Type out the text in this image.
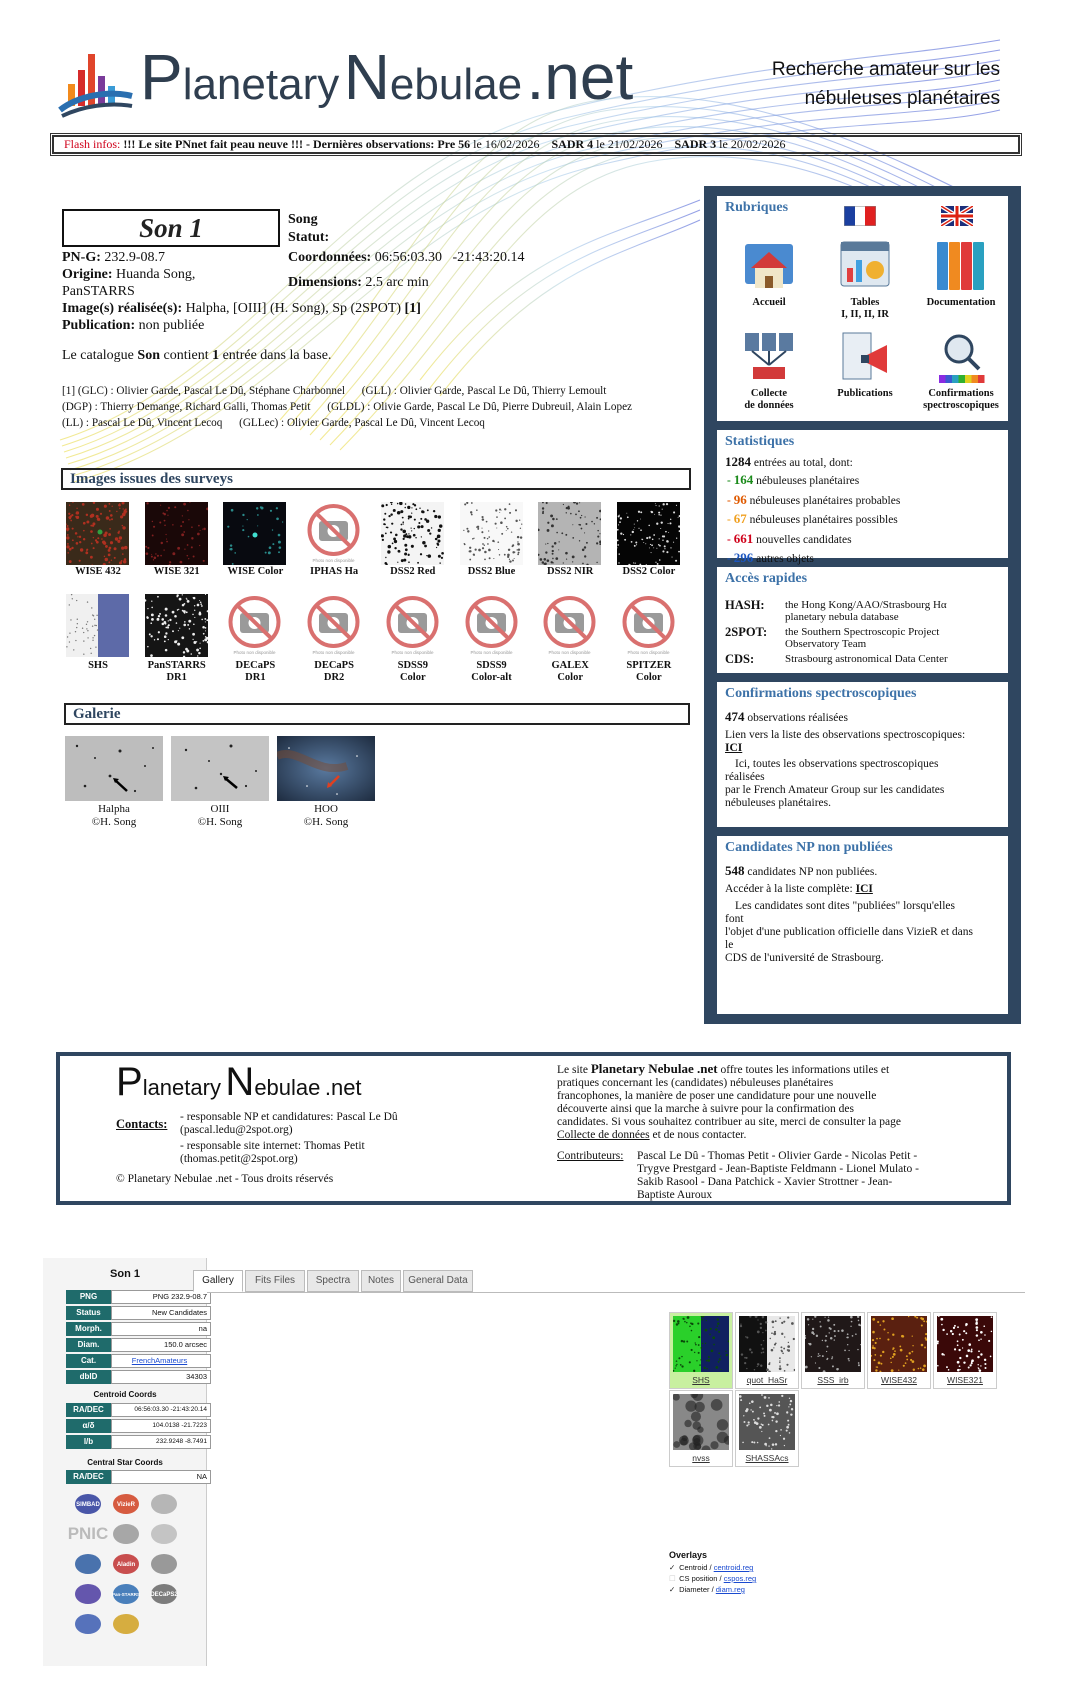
Planetary Nebulae .net	Recherche amateur sur les
nébuleuses planétaires
Flash infos: !!! Le site PNnet fait peau neuve !!! - Dernières observations: Pre 56 le 16/02/2026 SADR 4 le 21/02/2026 SADR 3 le 20/02/2026
Son 1	Song
Statut:
PN-G: 232.9-08.7	Coordonnées: 06:56:03.30 -21:43:20.14
Origine: Huanda Song,
PanSTARRS
Dimensions: 2.5 arc min
Image(s) réalisée(s): Halpha, [OIII] (H. Song), Sp (2SPOT) [1]
Publication: non publiée
Le catalogue Son contient 1 entrée dans la base.
[1] (GLC) : Olivier Garde, Pascal Le Dû, Stéphane Charbonnel      (GLL) : Olivier Garde, Pascal Le Dû, Thierry Lemoult
(DGP) : Thierry Demange, Richard Galli, Thomas Petit      (GLDL) : Olivie Garde, Pascal Le Dû, Pierre Dubreuil, Alain Lopez
(LL) : Pascal Le Dû, Vincent Lecoq      (GLLec) : Olivier Garde, Pascal Le Dû, Vincent Lecoq
Images issues des surveys
WISE 432	WISE 321	WISE Color
Photo non disponible
IPHAS Ha	DSS2 Red	DSS2 Blue	DSS2 NIR	DSS2 Color
SHS	PanSTARRS
DR1
Photo non disponible
DECaPS
DR1
Photo non disponible
DECaPS
DR2
Photo non disponible
SDSS9
Color
Photo non disponible
SDSS9
Color-alt
Photo non disponible
GALEX
Color
Photo non disponible
SPITZER
Color
Galerie
Halpha
©H. Song
OIII
©H. Song
HOO
©H. Song
Rubriques
Accueil	Tables
I, II, II, IR
Documentation
Collecte
de données
Publications	Confirmations
spectroscopiques
Statistiques
1284 entrées au total, dont:
- 164 nébuleuses planétaires
- 96 nébuleuses planétaires probables
- 67 nébuleuses planétaires possibles
- 661 nouvelles candidates
- 296 autres objets
Accès rapides
HASH: the Hong Kong/AAO/Strasbourg Hα
planetary nebula database
2SPOT: the Southern Spectroscopic Project
Observatory Team
CDS:	Strasbourg astronomical Data Center
Confirmations spectroscopiques
474 observations réalisées
Lien vers la liste des observations spectroscopiques:
ICI
Ici, toutes les observations spectroscopiques
réalisées
par le French Amateur Group sur les candidates
nébuleuses planétaires.
Candidates NP non publiées
548 candidates NP non publiées.
Accéder à la liste complète: ICI
Les candidates sont dites "publiées" lorsqu'elles
font
l'objet d'une publication officielle dans VizieR et dans
le
CDS de l'université de Strasbourg.
Planetary Nebulae .net
Contacts: - responsable NP et candidatures: Pascal Le Dû
(pascal.ledu@2spot.org)
- responsable site internet: Thomas Petit
(thomas.petit@2spot.org)
© Planetary Nebulae .net - Tous droits réservés
Le site Planetary Nebulae .net offre toutes les informations utiles et
pratiques concernant les (candidates) nébuleuses planétaires
francophones, la manière de poser une candidature pour une nouvelle
découverte ainsi que la marche à suivre pour la confirmation des
candidates. Si vous souhaitez contribuer au site, merci de consulter la page
Collecte de données et de nous contacter.
Contributeurs: Pascal Le Dû - Thomas Petit - Olivier Garde - Nicolas Petit -
Trygve Prestgard - Jean-Baptiste Feldmann - Lionel Mulato -
Sakib Rasool - Dana Patchick - Xavier Strottner - Jean-
Baptiste Auroux
Son 1
PNG	PNG 232.9-08.7
Status	New Candidates
Morph.	na
Diam.	150.0 arcsec
Cat.	FrenchAmateurs
dbID	34303
Centroid Coords
RA/DEC	06:56:03.30 -21:43:20.14
α/δ	104.0138 -21.7223
l/b	232.9248 -8.7491
Central Star Coords
RA/DEC	NA
SIMBAD	VizieR
PNIC
Aladin
Pan-STARRS DECaPS2
Gallery	Fits Files	Spectra	Notes	General Data
SHS	quot_HaSr	SSS_irb	WISE432	WISE321
nvss	SHASSAcs
Overlays
✓ Centroid / centroid.reg
☐ CS position / cspos.reg
✓ Diameter / diam.reg
